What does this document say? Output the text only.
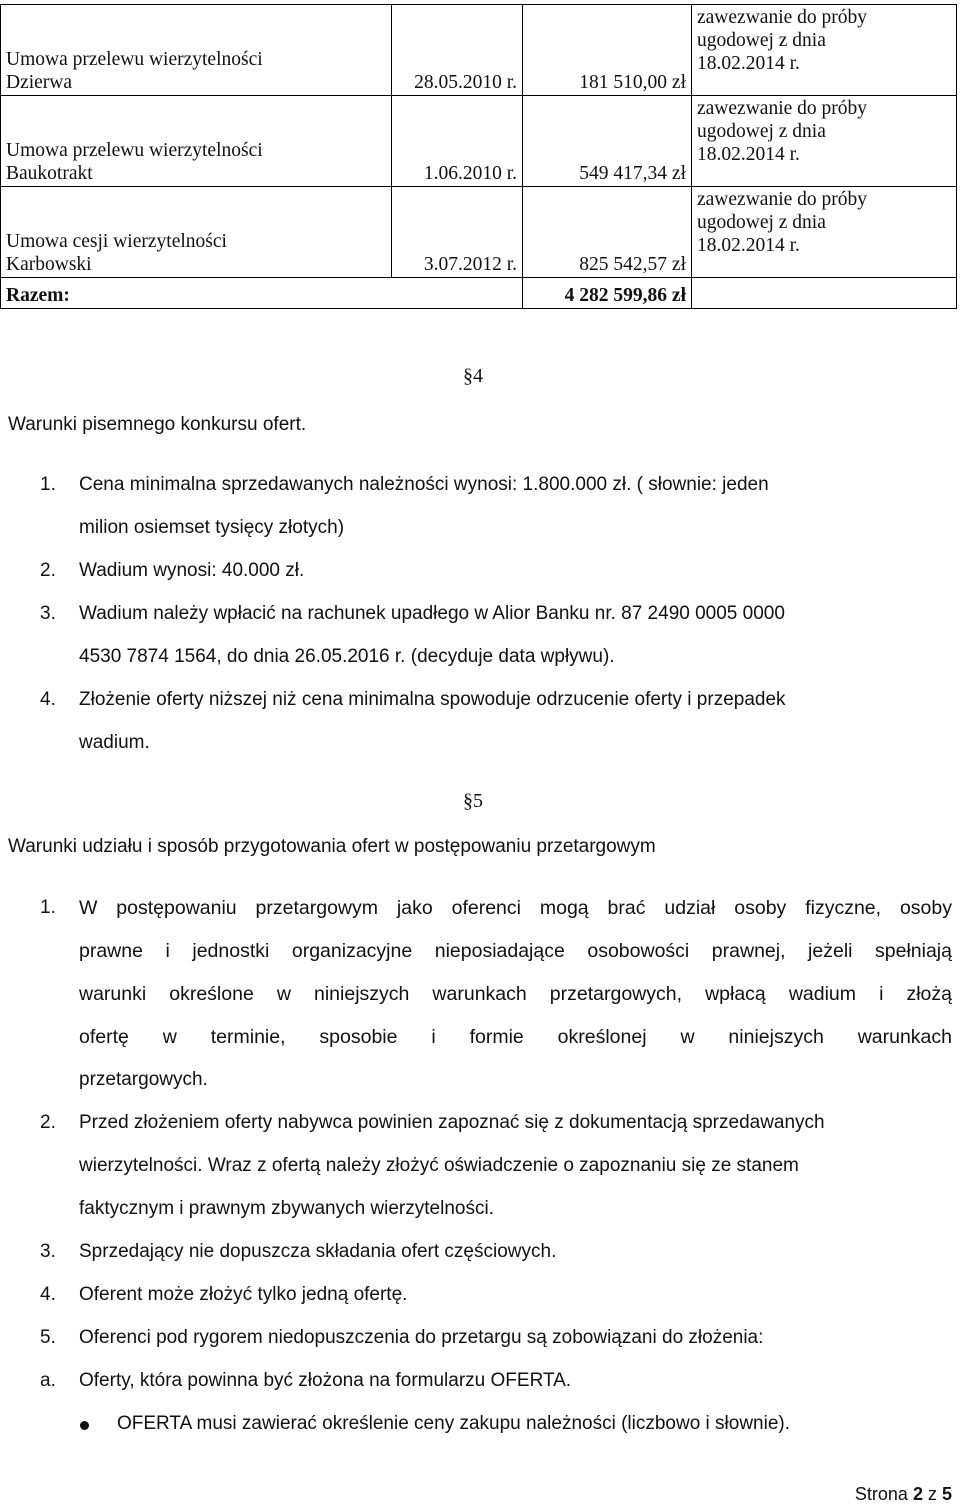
Umowa przelewu wierzytelności
Dzierwa	28.05.2010 r.	181 510,00 zł	zawezwanie do próby
ugodowej z dnia
18.02.2014 r.

Umowa przelewu wierzytelności
Baukotrakt	1.06.2010 r.	549 417,34 zł	zawezwanie do próby
ugodowej z dnia
18.02.2014 r.

Umowa cesji wierzytelności
Karbowski	3.07.2012 r.	825 542,57 zł	zawezwanie do próby
ugodowej z dnia
18.02.2014 r.

Razem:		4 282 599,86 zł	
§4
Warunki pisemnego konkursu ofert.
1. Cena minimalna sprzedawanych należności wynosi: 1.800.000 zł. ( słownie: jeden
milion osiemset tysięcy złotych)
2. Wadium wynosi: 40.000 zł.
3. Wadium należy wpłacić na rachunek upadłego w Alior Banku nr. 87 2490 0005 0000
4530 7874 1564, do dnia 26.05.2016 r. (decyduje data wpływu).
4. Złożenie oferty niższej niż cena minimalna spowoduje odrzucenie oferty i przepadek
wadium.
§5
Warunki udziału i sposób przygotowania ofert w postępowaniu przetargowym
1. W postępowaniu przetargowym jako oferenci mogą brać udział osoby fizyczne, osoby
prawne i jednostki organizacyjne nieposiadające osobowości prawnej, jeżeli spełniają
warunki określone w niniejszych warunkach przetargowych, wpłacą wadium i złożą
ofertę w terminie, sposobie i formie określonej w niniejszych warunkach
przetargowych.
2. Przed złożeniem oferty nabywca powinien zapoznać się z dokumentacją sprzedawanych
wierzytelności. Wraz z ofertą należy złożyć oświadczenie o zapoznaniu się ze stanem
faktycznym i prawnym zbywanych wierzytelności.
3. Sprzedający nie dopuszcza składania ofert częściowych.
4. Oferent może złożyć tylko jedną ofertę.
5. Oferenci pod rygorem niedopuszczenia do przetargu są zobowiązani do złożenia:
a. Oferty, która powinna być złożona na formularzu OFERTA.
OFERTA musi zawierać określenie ceny zakupu należności (liczbowo i słownie).
Strona 2 z 5
